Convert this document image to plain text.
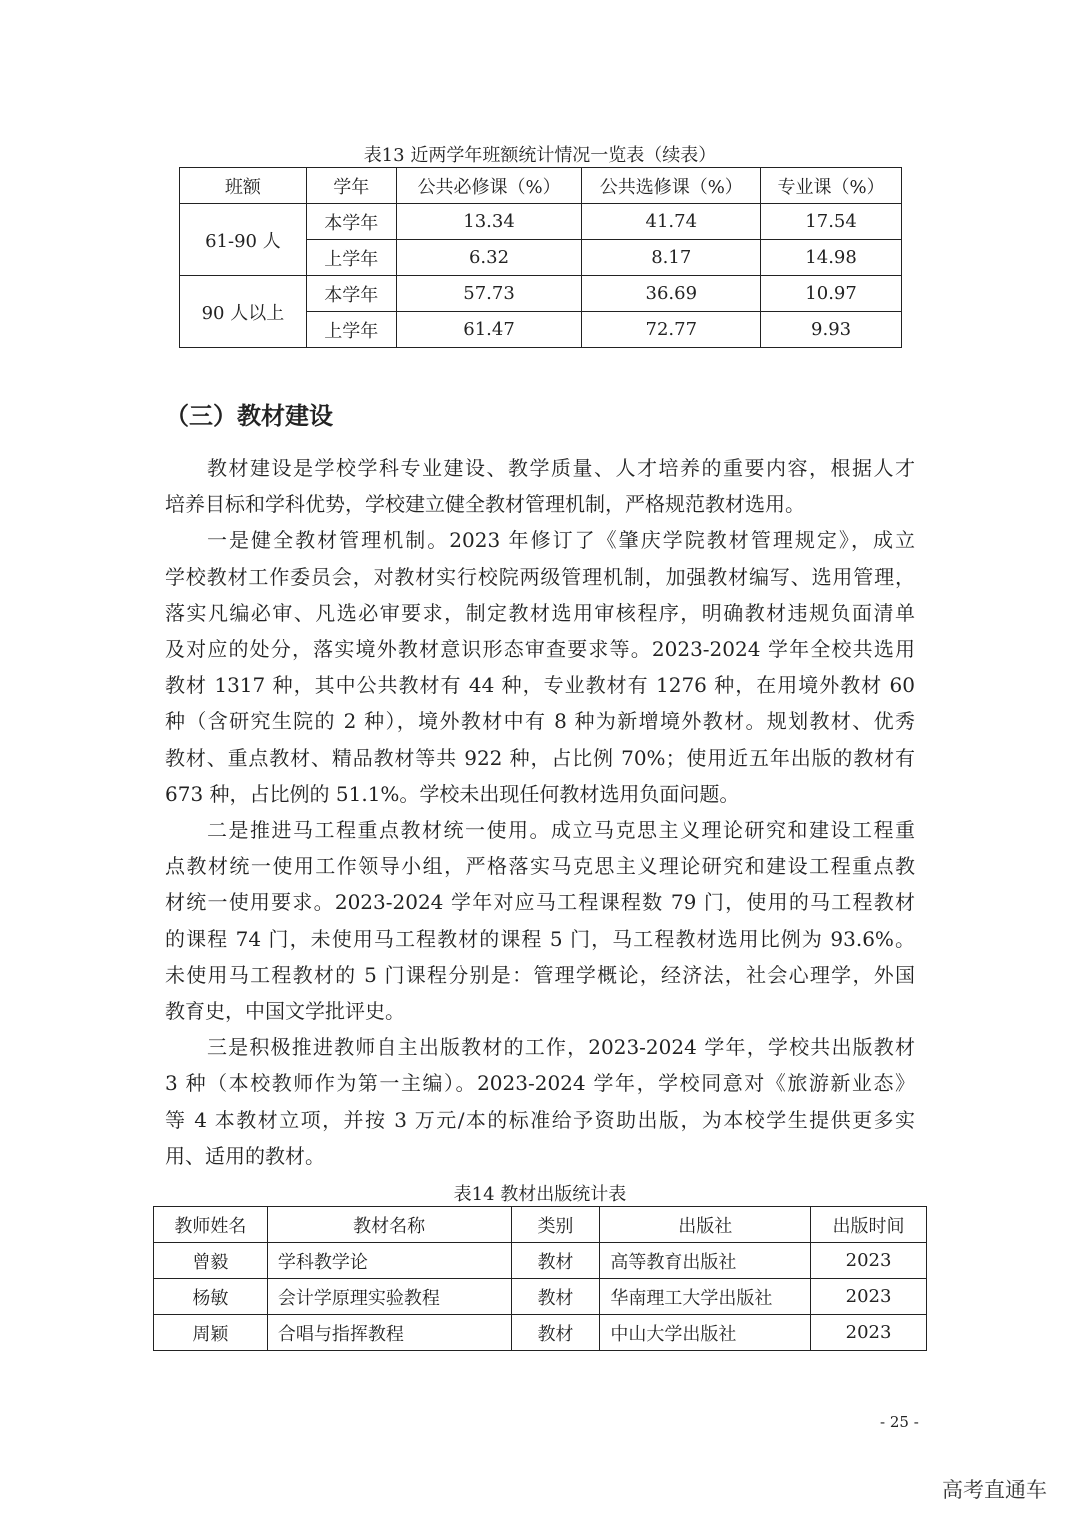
表13 近两学年班额统计情况一览表（续表）
班额	学年	公共必修课（%）	公共选修课（%）	专业课（%）
61-90 人	本学年	13.34	41.74	17.54
	上学年	6.32	8.17	14.98
90 人以上	本学年	57.73	36.69	10.97
	上学年	61.47	72.77	9.93
（三）教材建设
教材建设是学校学科专业建设、教学质量、人才培养的重要内容，根据人才
培养目标和学科优势，学校建立健全教材管理机制，严格规范教材选用。
一是健全教材管理机制。2023 年修订了《肇庆学院教材管理规定》，成立
学校教材工作委员会，对教材实行校院两级管理机制，加强教材编写、选用管理，
落实凡编必审、凡选必审要求，制定教材选用审核程序，明确教材违规负面清单
及对应的处分，落实境外教材意识形态审查要求等。2023-2024 学年全校共选用
教材 1317 种，其中公共教材有 44 种，专业教材有 1276 种，在用境外教材 60
种（含研究生院的 2 种），境外教材中有 8 种为新增境外教材。规划教材、优秀
教材、重点教材、精品教材等共 922 种，占比例 70%；使用近五年出版的教材有
673 种，占比例的 51.1%。学校未出现任何教材选用负面问题。
二是推进马工程重点教材统一使用。成立马克思主义理论研究和建设工程重
点教材统一使用工作领导小组，严格落实马克思主义理论研究和建设工程重点教
材统一使用要求。2023-2024 学年对应马工程课程数 79 门，使用的马工程教材
的课程 74 门，未使用马工程教材的课程 5 门，马工程教材选用比例为 93.6%。
未使用马工程教材的 5 门课程分别是：管理学概论，经济法，社会心理学，外国
教育史，中国文学批评史。
三是积极推进教师自主出版教材的工作，2023-2024 学年，学校共出版教材
3 种（本校教师作为第一主编）。2023-2024 学年，学校同意对《旅游新业态》
等 4 本教材立项，并按 3 万元/本的标准给予资助出版，为本校学生提供更多实
用、适用的教材。
表14 教材出版统计表
教师姓名	教材名称	类别	出版社	出版时间
曾毅	学科教学论	教材	高等教育出版社	2023
杨敏	会计学原理实验教程	教材	华南理工大学出版社	2023
周颖	合唱与指挥教程	教材	中山大学出版社	2023
- 25 -
高考直通车
